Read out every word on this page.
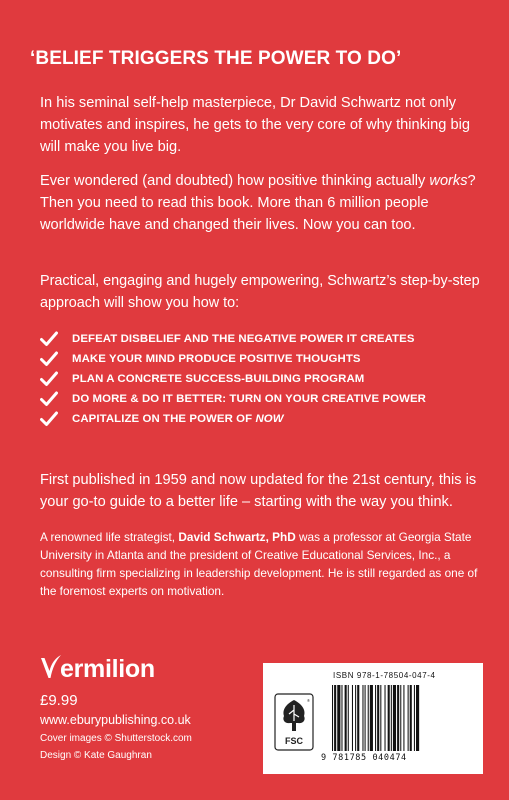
‘BELIEF TRIGGERS THE POWER TO DO’
In his seminal self-help masterpiece, Dr David Schwartz not only motivates and inspires, he gets to the very core of why thinking big will make you live big.
Ever wondered (and doubted) how positive thinking actually works? Then you need to read this book. More than 6 million people worldwide have and changed their lives. Now you can too.
Practical, engaging and hugely empowering, Schwartz’s step-by-step approach will show you how to:
DEFEAT DISBELIEF AND THE NEGATIVE POWER IT CREATES
MAKE YOUR MIND PRODUCE POSITIVE THOUGHTS
PLAN A CONCRETE SUCCESS-BUILDING PROGRAM
DO MORE & DO IT BETTER: TURN ON YOUR CREATIVE POWER
CAPITALIZE ON THE POWER OF NOW
First published in 1959 and now updated for the 21st century, this is your go-to guide to a better life – starting with the way you think.
A renowned life strategist, David Schwartz, PhD was a professor at Georgia State University in Atlanta and the president of Creative Educational Services, Inc., a consulting firm specializing in leadership development. He is still regarded as one of the foremost experts on motivation.
ermilion
£9.99
www.eburypublishing.co.uk
Cover images © Shutterstock.com
Design © Kate Gaughran
ISBN 978-1-78504-047-4
FSC
®
9 781785 040474
